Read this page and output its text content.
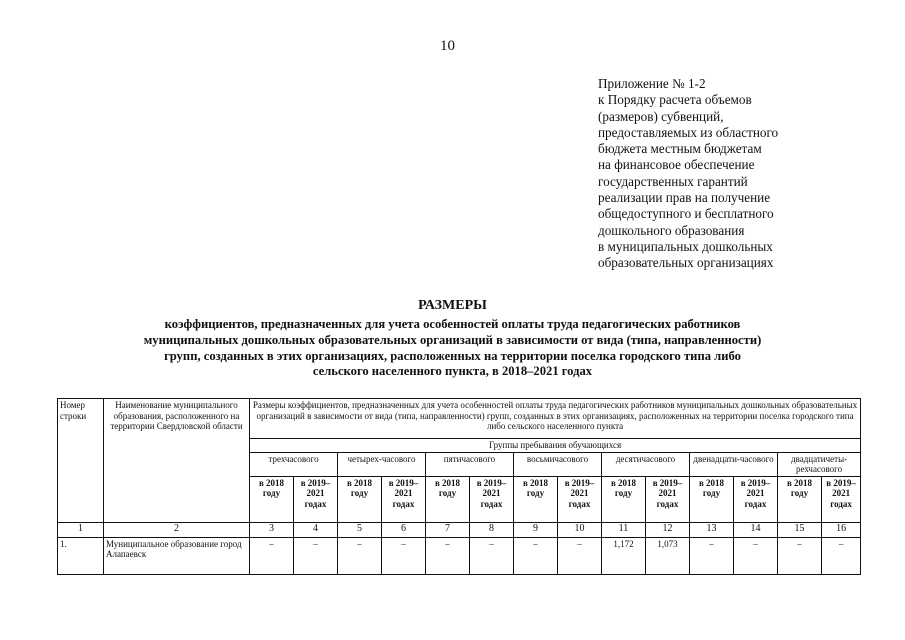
10
Приложение № 1-2
к Порядку расчета объемов
(размеров) субвенций,
предоставляемых из областного
бюджета местным бюджетам
на финансовое обеспечение
государственных гарантий
реализации прав на получение
общедоступного и бесплатного
дошкольного образования
в муниципальных дошкольных
образовательных организациях
РАЗМЕРЫ
коэффициентов, предназначенных для учета особенностей оплаты труда педагогических работников
муниципальных дошкольных образовательных организаций в зависимости от вида (типа, направленности)
групп, созданных в этих организациях, расположенных на территории поселка городского типа либо
сельского населенного пункта, в 2018–2021 годах
Номер строки	Наименование муниципального образования, расположенного на территории Свердловской области	Размеры коэффициентов, предназначенных для учета особенностей оплаты труда педагогических работников муниципальных дошкольных образовательных организаций в зависимости от вида (типа, направленности) групп, созданных в этих организациях, расположенных на территории поселка городского типа либо сельского населенного пункта													
		Группы пребывания обучающихся													
		трехчасового		четырех-часового		пятичасового		восьмичасового		десятичасового		двенадцати-часового		двадцатичеты-рехчасового	
		в 2018 году	в 2019–2021 годах	в 2018 году	в 2019–2021 годах	в 2018 году	в 2019–2021 годах	в 2018 году	в 2019–2021 годах	в 2018 году	в 2019–2021 годах	в 2018 году	в 2019–2021 годах	в 2018 году	в 2019–2021 годах
1	2	3	4	5	6	7	8	9	10	11	12	13	14	15	16
1.	Муниципальное образование город Алапаевск	–	–	–	–	–	–	–	–	1,172	1,073	–	–	–	–
